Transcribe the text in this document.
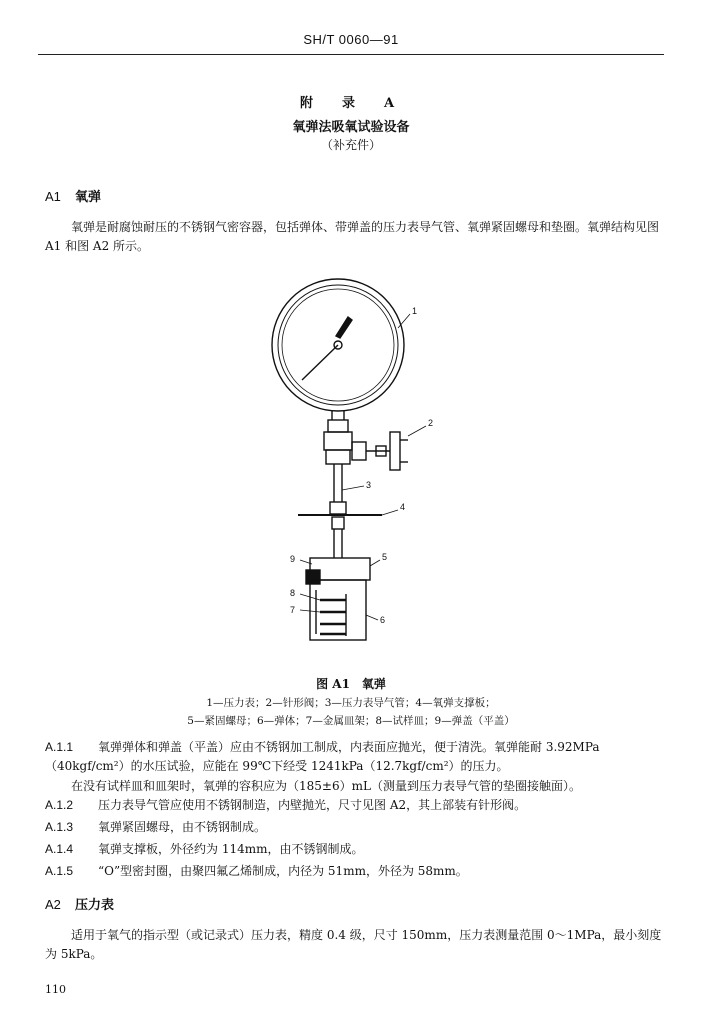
SH/T 0060—91
附　录　A
氧弹法吸氧试验设备
（补充件）
A1 氧弹
氧弹是耐腐蚀耐压的不锈钢气密容器，包括弹体、带弹盖的压力表导气管、氧弹紧固螺母和垫圈。氧弹结构见图 A1 和图 A2 所示。
1
2
3
4
5
6
7
8
9
图 A1　氧弹
1—压力表；2—针形阀；3—压力表导气管；4—氧弹支撑板；
5—紧固螺母；6—弹体；7—金属皿架；8—试样皿；9—弹盖（平盖）
A.1.1 氧弹弹体和弹盖（平盖）应由不锈钢加工制成，内表面应抛光，便于清洗。氧弹能耐 3.92MPa
（40kgf/cm²）的水压试验，应能在 99℃下经受 1241kPa（12.7kgf/cm²）的压力。
在没有试样皿和皿架时，氧弹的容积应为（185±6）mL（测量到压力表导气管的垫圈接触面）。
A.1.2 压力表导气管应使用不锈钢制造，内壁抛光，尺寸见图 A2，其上部装有针形阀。
A.1.3 氧弹紧固螺母，由不锈钢制成。
A.1.4 氧弹支撑板，外径约为 114mm，由不锈钢制成。
A.1.5 “O”型密封圈，由聚四氟乙烯制成，内径为 51mm，外径为 58mm。
A2 压力表
适用于氧气的指示型（或记录式）压力表，精度 0.4 级，尺寸 150mm，压力表测量范围 0～1MPa，最小刻度为 5kPa。
110
